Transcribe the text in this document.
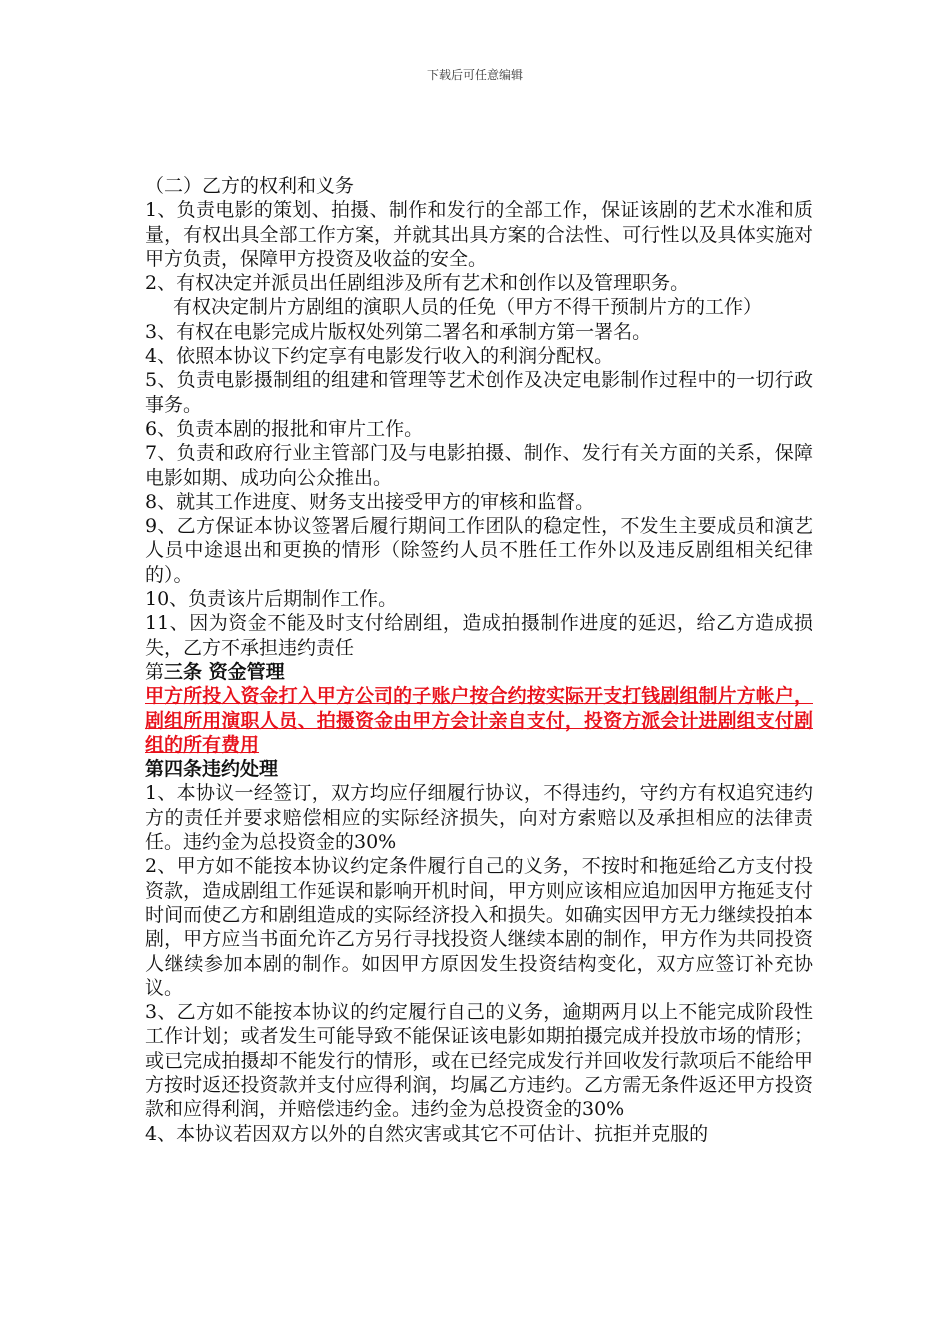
下载后可任意编辑

（二）乙方的权利和义务

1、负责电影的策划、拍摄、制作和发行的全部工作，保证该剧的艺术水准和质量，有权出具全部工作方案，并就其出具方案的合法性、可行性以及具体实施对甲方负责，保障甲方投资及收益的安全。

2、有权决定并派员出任剧组涉及所有艺术和创作以及管理职务。

有权决定制片方剧组的演职人员的任免（甲方不得干预制片方的工作）

3、有权在电影完成片版权处列第二署名和承制方第一署名。

4、依照本协议下约定享有电影发行收入的利润分配权。

5、负责电影摄制组的组建和管理等艺术创作及决定电影制作过程中的一切行政事务。

6、负责本剧的报批和审片工作。

7、负责和政府行业主管部门及与电影拍摄、制作、发行有关方面的关系，保障电影如期、成功向公众推出。

8、就其工作进度、财务支出接受甲方的审核和监督。

9、乙方保证本协议签署后履行期间工作团队的稳定性，不发生主要成员和演艺人员中途退出和更换的情形（除签约人员不胜任工作外以及违反剧组相关纪律的）。

10、负责该片后期制作工作。

11、因为资金不能及时支付给剧组，造成拍摄制作进度的延迟，给乙方造成损失，乙方不承担违约责任

第三条 资金管理

甲方所投入资金打入甲方公司的子账户按合约按实际开支打钱剧组制片方帐户，剧组所用演职人员、拍摄资金由甲方会计亲自支付，投资方派会计进剧组支付剧组的所有费用

第四条违约处理

1、本协议一经签订，双方均应仔细履行协议，不得违约，守约方有权追究违约方的责任并要求赔偿相应的实际经济损失，向对方索赔以及承担相应的法律责任。违约金为总投资金的30%

2、甲方如不能按本协议约定条件履行自己的义务，不按时和拖延给乙方支付投资款，造成剧组工作延误和影响开机时间，甲方则应该相应追加因甲方拖延支付时间而使乙方和剧组造成的实际经济投入和损失。如确实因甲方无力继续投拍本剧，甲方应当书面允许乙方另行寻找投资人继续本剧的制作，甲方作为共同投资人继续参加本剧的制作。如因甲方原因发生投资结构变化，双方应签订补充协议。

3、乙方如不能按本协议的约定履行自己的义务，逾期两月以上不能完成阶段性工作计划；或者发生可能导致不能保证该电影如期拍摄完成并投放市场的情形；或已完成拍摄却不能发行的情形，或在已经完成发行并回收发行款项后不能给甲方按时返还投资款并支付应得利润，均属乙方违约。乙方需无条件返还甲方投资款和应得利润，并赔偿违约金。违约金为总投资金的30%

4、本协议若因双方以外的自然灾害或其它不可估计、抗拒并克服的
